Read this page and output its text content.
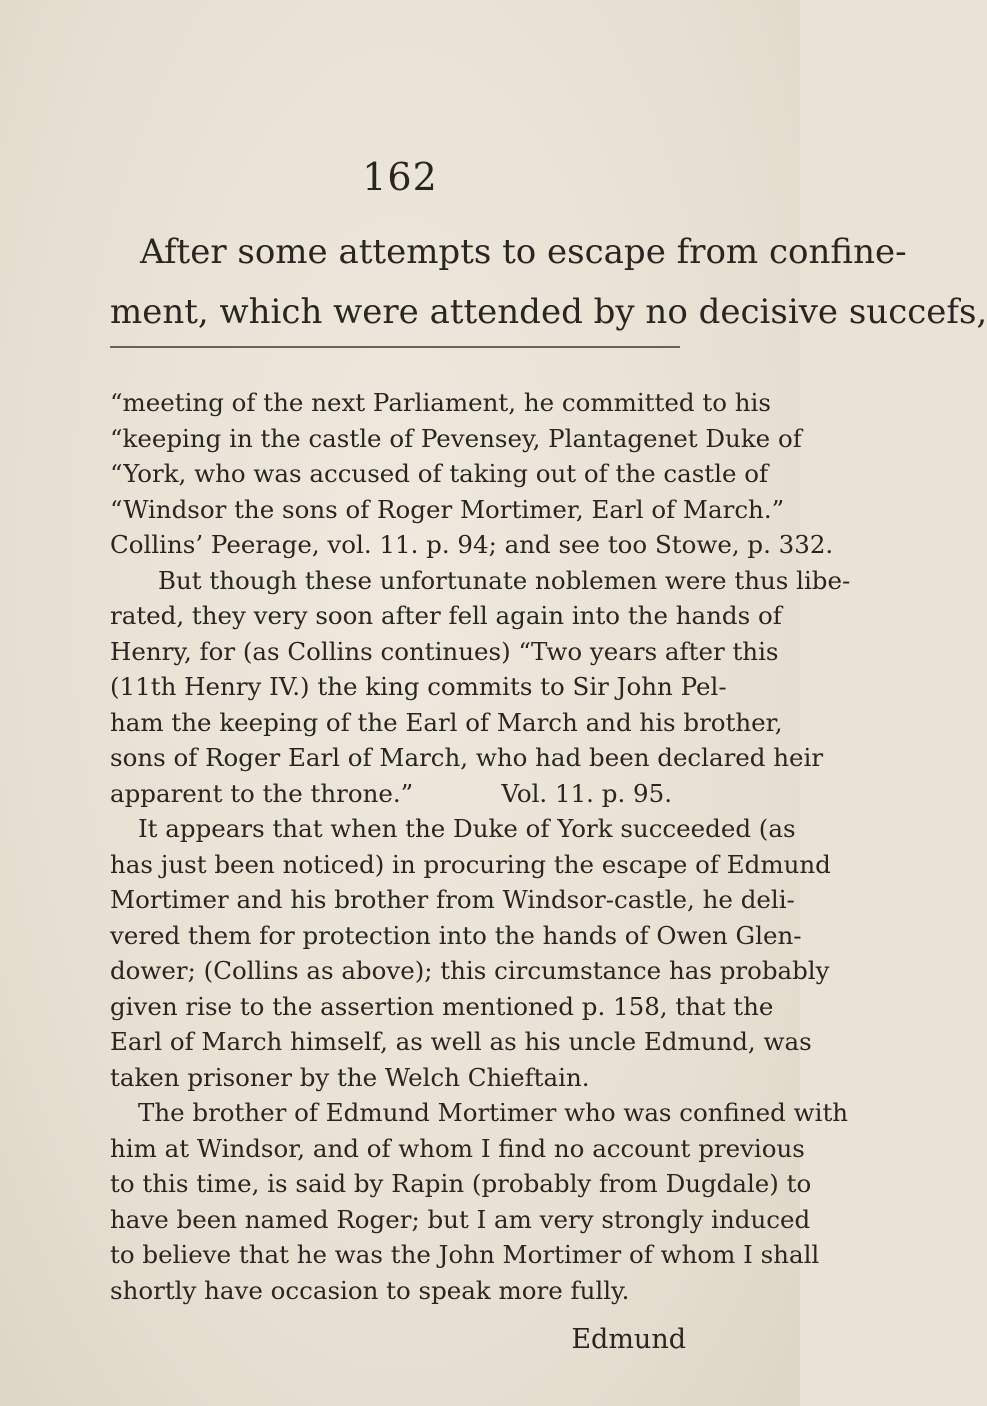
162
After some attempts to escape from confine-
ment, which were attended by no decisive succefs,
“meeting of the next Parliament, he committed to his
“keeping in the castle of Pevensey, Plantagenet Duke of
“York, who was accused of taking out of the castle of
“Windsor the sons of Roger Mortimer, Earl of March.”
Collins’ Peerage, vol. 11. p. 94; and see too Stowe, p. 332.
But though these unfortunate noblemen were thus libe-
rated, they very soon after fell again into the hands of
Henry, for (as Collins continues) “Two years after this
(11th Henry IV.) the king commits to Sir John Pel-
ham the keeping of the Earl of March and his brother,
sons of Roger Earl of March, who had been declared heir
apparent to the throne.”	Vol. 11. p. 95.
It appears that when the Duke of York succeeded (as
has just been noticed) in procuring the escape of Edmund
Mortimer and his brother from Windsor-castle, he deli-
vered them for protection into the hands of Owen Glen-
dower; (Collins as above); this circumstance has probably
given rise to the assertion mentioned p. 158, that the
Earl of March himself, as well as his uncle Edmund, was
taken prisoner by the Welch Chieftain.
The brother of Edmund Mortimer who was confined with
him at Windsor, and of whom I find no account previous
to this time, is said by Rapin (probably from Dugdale) to
have been named Roger; but I am very strongly induced
to believe that he was the John Mortimer of whom I shall
shortly have occasion to speak more fully.
Edmund
